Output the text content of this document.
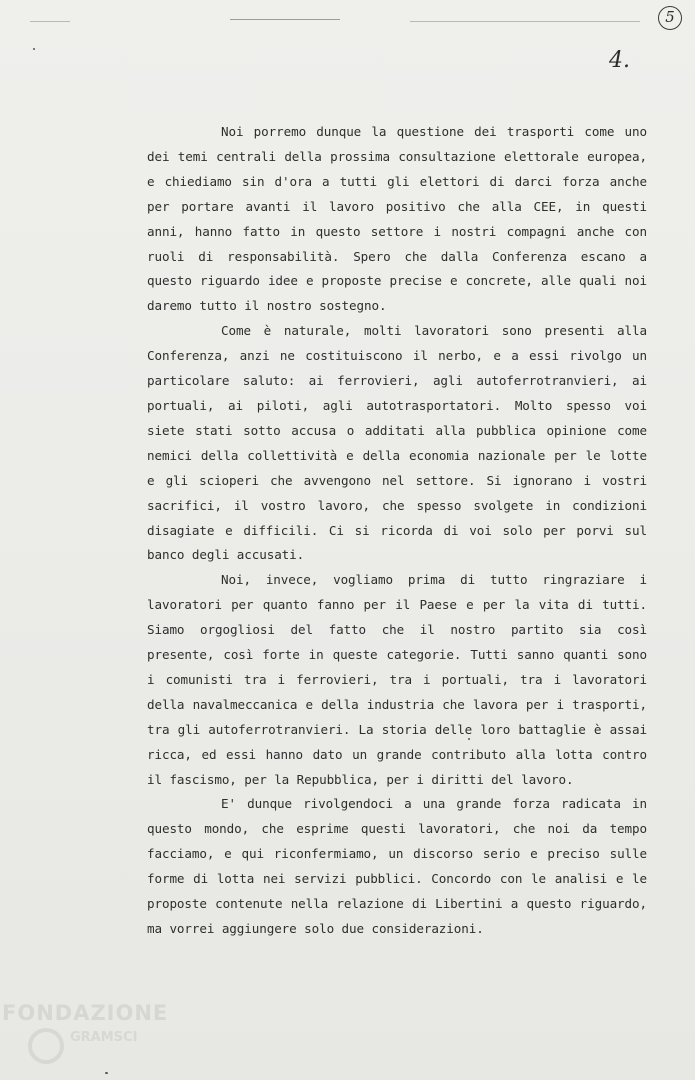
5
4.

Noi porremo dunque la questione dei trasporti come uno dei temi centrali della prossima consultazione elettorale europea, e chiediamo sin d'ora a tutti gli elettori di darci forza anche per portare avanti il lavoro positivo che alla CEE, in questi anni, hanno fatto in questo settore i nostri compagni anche con ruoli di responsabilità. Spero che dalla Conferenza escano a questo riguardo idee e proposte precise e concrete, alle quali noi daremo tutto il nostro sostegno.

Come è naturale, molti lavoratori sono presenti alla Conferenza, anzi ne costituiscono il nerbo, e a essi rivolgo un particolare saluto: ai ferrovieri, agli autoferrotranvieri, ai portuali, ai piloti, agli autotrasportatori. Molto spesso voi siete stati sotto accusa o additati alla pubblica opinione come nemici della collettività e della economia nazionale per le lotte e gli scioperi che avvengono nel settore. Si ignorano i vostri sacrifici, il vostro lavoro, che spesso svolgete in condizioni disagiate e difficili. Ci si ricorda di voi solo per porvi sul banco degli accusati.

Noi, invece, vogliamo prima di tutto ringraziare i lavoratori per quanto fanno per il Paese e per la vita di tutti. Siamo orgogliosi del fatto che il nostro partito sia così presente, così forte in queste categorie. Tutti sanno quanti sono i comunisti tra i ferrovieri, tra i portuali, tra i lavoratori della navalmeccanica e della industria che lavora per i trasporti, tra gli autoferrotranvieri. La storia delle loro battaglie è assai ricca, ed essi hanno dato un grande contributo alla lotta contro il fascismo, per la Repubblica, per i diritti del lavoro.

E' dunque rivolgendoci a una grande forza radicata in questo mondo, che esprime questi lavoratori, che noi da tempo facciamo, e qui riconfermiamo, un discorso serio e preciso sulle forme di lotta nei servizi pubblici. Concordo con le analisi e le proposte contenute nella relazione di Libertini a questo riguardo, ma vorrei aggiungere solo due considerazioni.

FONDAZIONE
GRAMSCI
